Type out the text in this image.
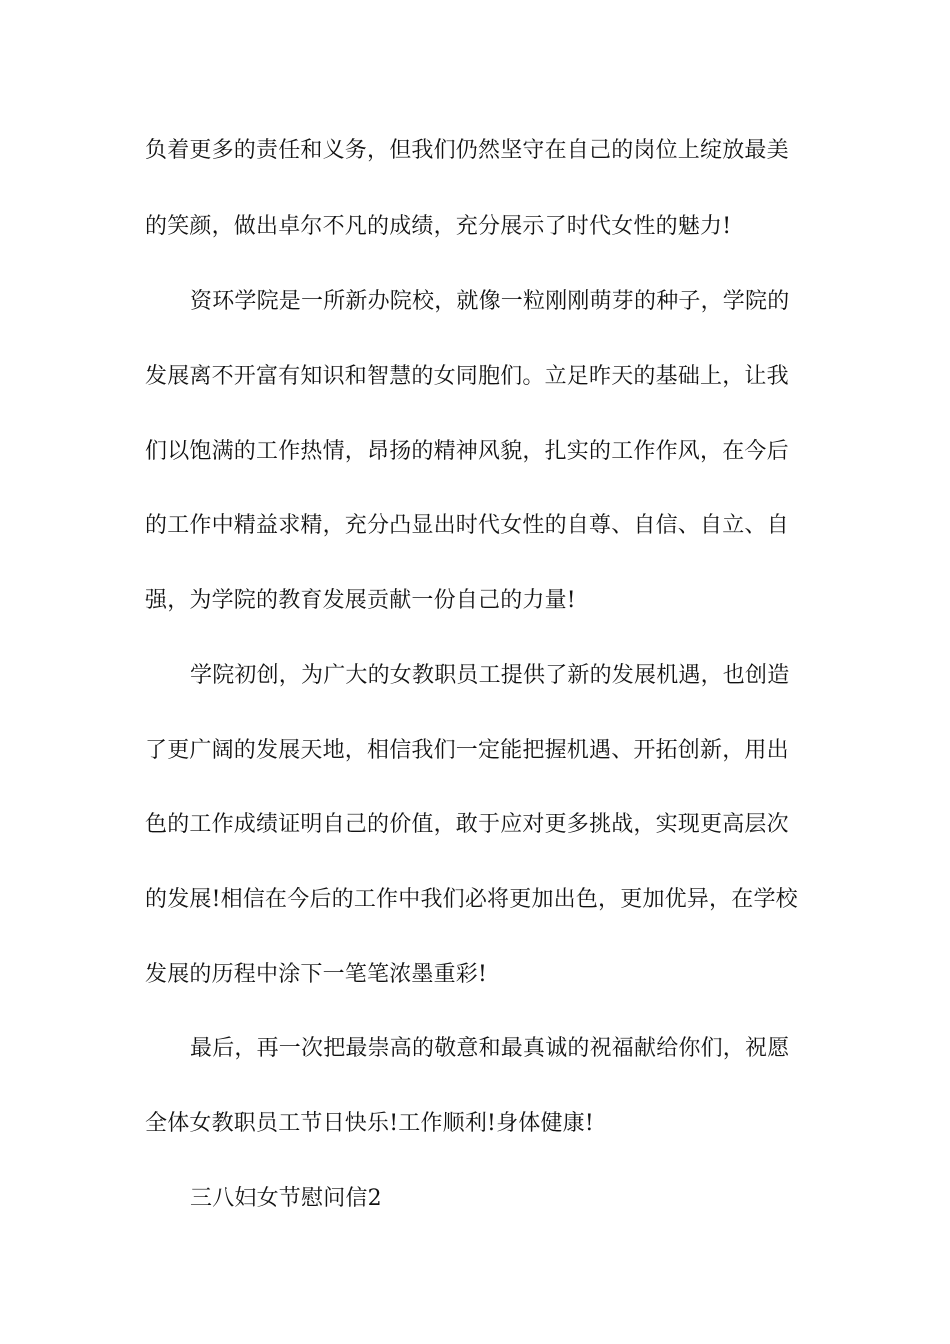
负着更多的责任和义务，但我们仍然坚守在自己的岗位上绽放最美
的笑颜，做出卓尔不凡的成绩，充分展示了时代女性的魅力!
资环学院是一所新办院校，就像一粒刚刚萌芽的种子，学院的
发展离不开富有知识和智慧的女同胞们。立足昨天的基础上，让我
们以饱满的工作热情，昂扬的精神风貌，扎实的工作作风，在今后
的工作中精益求精，充分凸显出时代女性的自尊、自信、自立、自
强，为学院的教育发展贡献一份自己的力量!
学院初创，为广大的女教职员工提供了新的发展机遇，也创造
了更广阔的发展天地，相信我们一定能把握机遇、开拓创新，用出
色的工作成绩证明自己的价值，敢于应对更多挑战，实现更高层次
的发展!相信在今后的工作中我们必将更加出色，更加优异，在学校
发展的历程中涂下一笔笔浓墨重彩!
最后，再一次把最崇高的敬意和最真诚的祝福献给你们，祝愿
全体女教职员工节日快乐!工作顺利!身体健康!
三八妇女节慰问信2
